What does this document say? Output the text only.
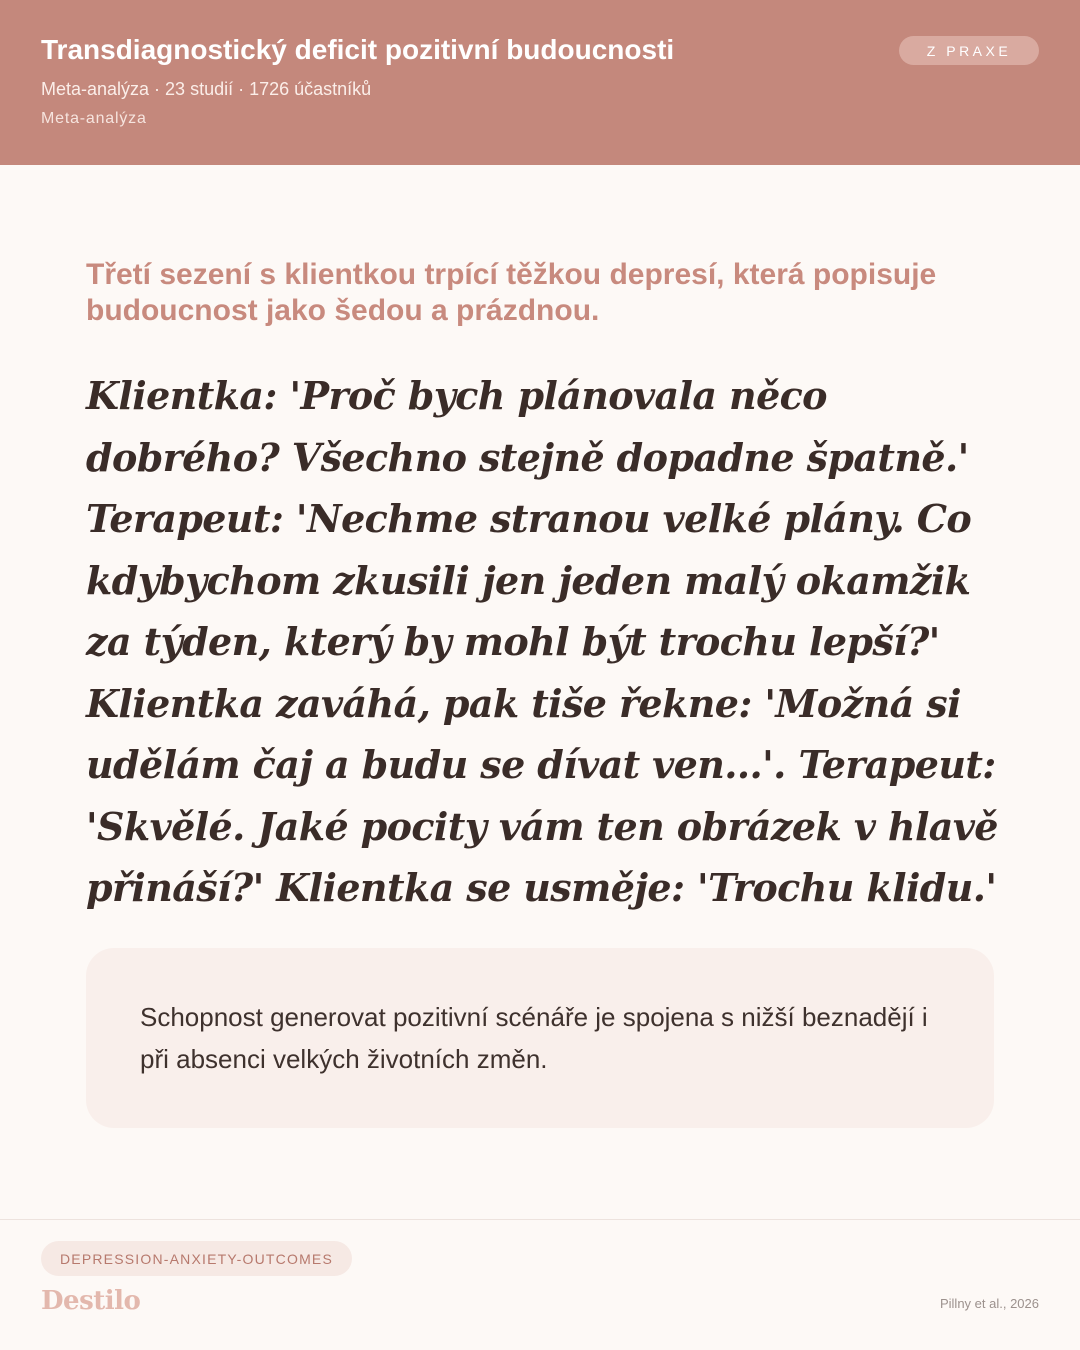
Transdiagnostický deficit pozitivní budoucnosti
Meta-analýza · 23 studií · 1726 účastníků
Meta-analýza
Z PRAXE

Třetí sezení s klientkou trpící těžkou depresí, která popisuje budoucnost jako šedou a prázdnou.

Klientka: 'Proč bych plánovala něco dobrého? Všechno stejně dopadne špatně.' Terapeut: 'Nechme stranou velké plány. Co kdybychom zkusili jen jeden malý okamžik za týden, který by mohl být trochu lepší?' Klientka zaváhá, pak tiše řekne: 'Možná si udělám čaj a budu se dívat ven...'. Terapeut: 'Skvělé. Jaké pocity vám ten obrázek v hlavě přináší?' Klientka se usměje: 'Trochu klidu.'

Schopnost generovat pozitivní scénáře je spojena s nižší beznadějí i při absenci velkých životních změn.

DEPRESSION-ANXIETY-OUTCOMES
Destilo	Pillny et al., 2026
